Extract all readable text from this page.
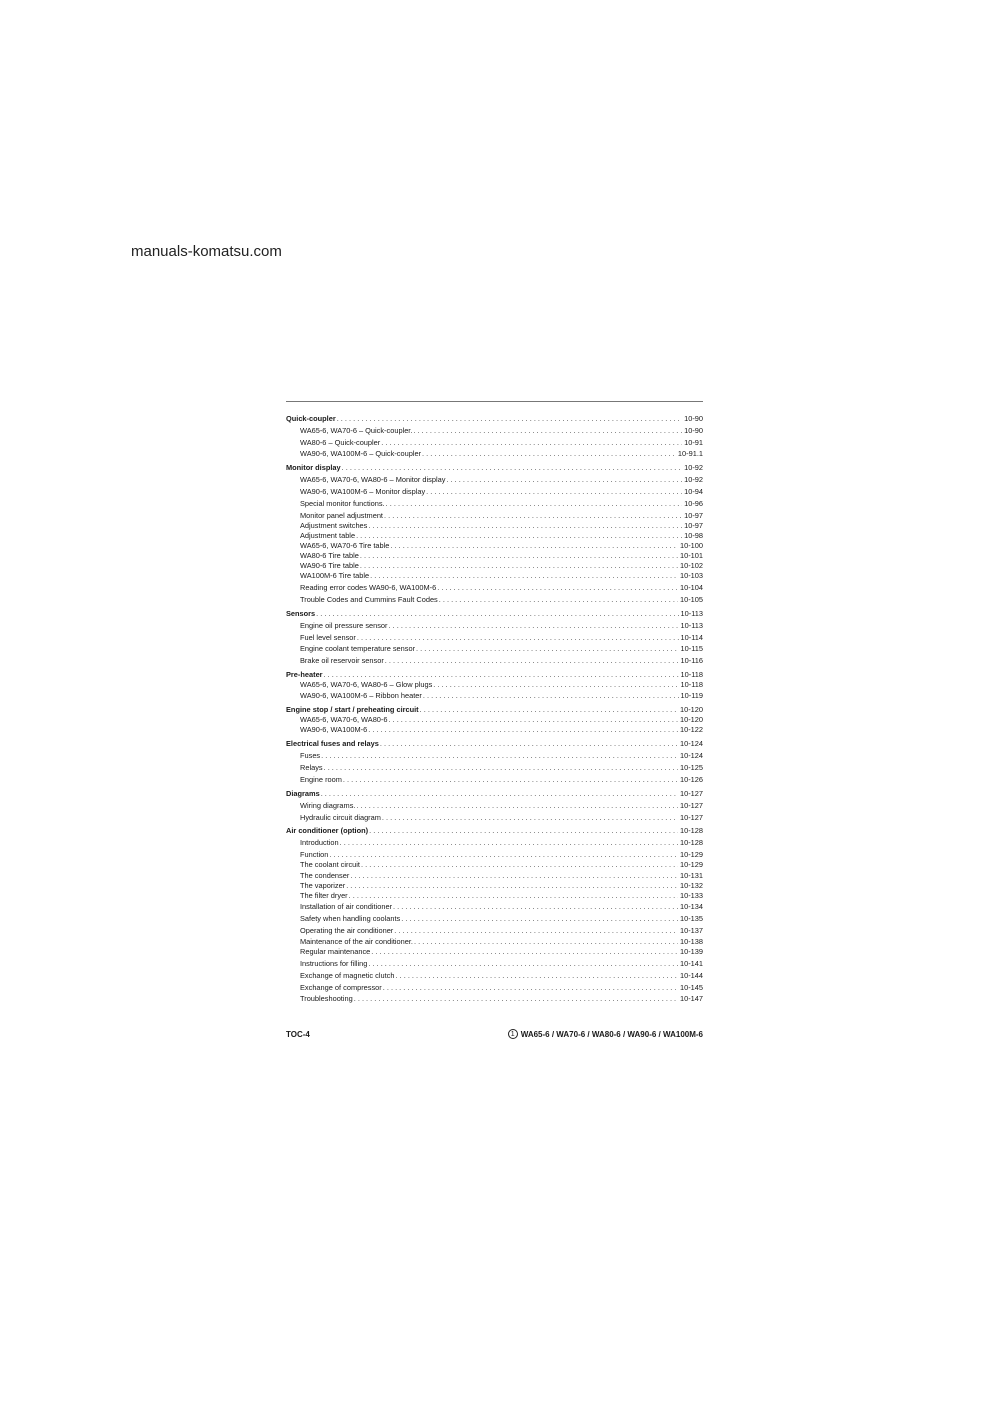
manuals-komatsu.com
Quick-coupler . . .	10-90
WA65-6, WA70-6 – Quick-coupler. . . .	10-90
WA80-6 – Quick-coupler . . .	10-91
WA90-6, WA100M-6 – Quick-coupler . . .	10-91.1
Monitor display . . .	10-92
WA65-6, WA70-6, WA80-6 – Monitor display . . .	10-92
WA90-6, WA100M-6 – Monitor display . . .	10-94
Special monitor functions. . . .	10-96
Monitor panel adjustment . . .	10-97
Adjustment switches . . .	10-97
Adjustment table . . .	10-98
WA65-6, WA70-6 Tire table . . .	10-100
WA80-6 Tire table . . .	10-101
WA90-6 Tire table . . .	10-102
WA100M-6 Tire table . . .	10-103
Reading error codes WA90-6, WA100M-6 . . .	10-104
Trouble Codes and Cummins Fault Codes . . .	10-105
Sensors . . .	10-113
Engine oil pressure sensor . . .	10-113
Fuel level sensor . . .	10-114
Engine coolant temperature sensor . . .	10-115
Brake oil reservoir sensor . . .	10-116
Pre-heater . . .	10-118
WA65-6, WA70-6, WA80-6 – Glow plugs . . .	10-118
WA90-6, WA100M-6 – Ribbon heater . . .	10-119
Engine stop / start / preheating circuit . . .	10-120
WA65-6, WA70-6, WA80-6 . . .	10-120
WA90-6, WA100M-6 . . .	10-122
Electrical fuses and relays . . .	10-124
Fuses . . .	10-124
Relays . . .	10-125
Engine room . . .	10-126
Diagrams . . .	10-127
Wiring diagrams. . . .	10-127
Hydraulic circuit diagram . . .	10-127
Air conditioner (option) . . .	10-128
Introduction . . .	10-128
Function . . .	10-129
The coolant circuit . . .	10-129
The condenser . . .	10-131
The vaporizer . . .	10-132
The filter dryer . . .	10-133
Installation of air conditioner . . .	10-134
Safety when handling coolants . . .	10-135
Operating the air conditioner . . .	10-137
Maintenance of the air conditioner. . . .	10-138
Regular maintenance . . .	10-139
Instructions for filling . . .	10-141
Exchange of magnetic clutch . . .	10-144
Exchange of compressor . . .	10-145
Troubleshooting . . .	10-147
TOC-4	1 WA65-6 / WA70-6 / WA80-6 / WA90-6 / WA100M-6
